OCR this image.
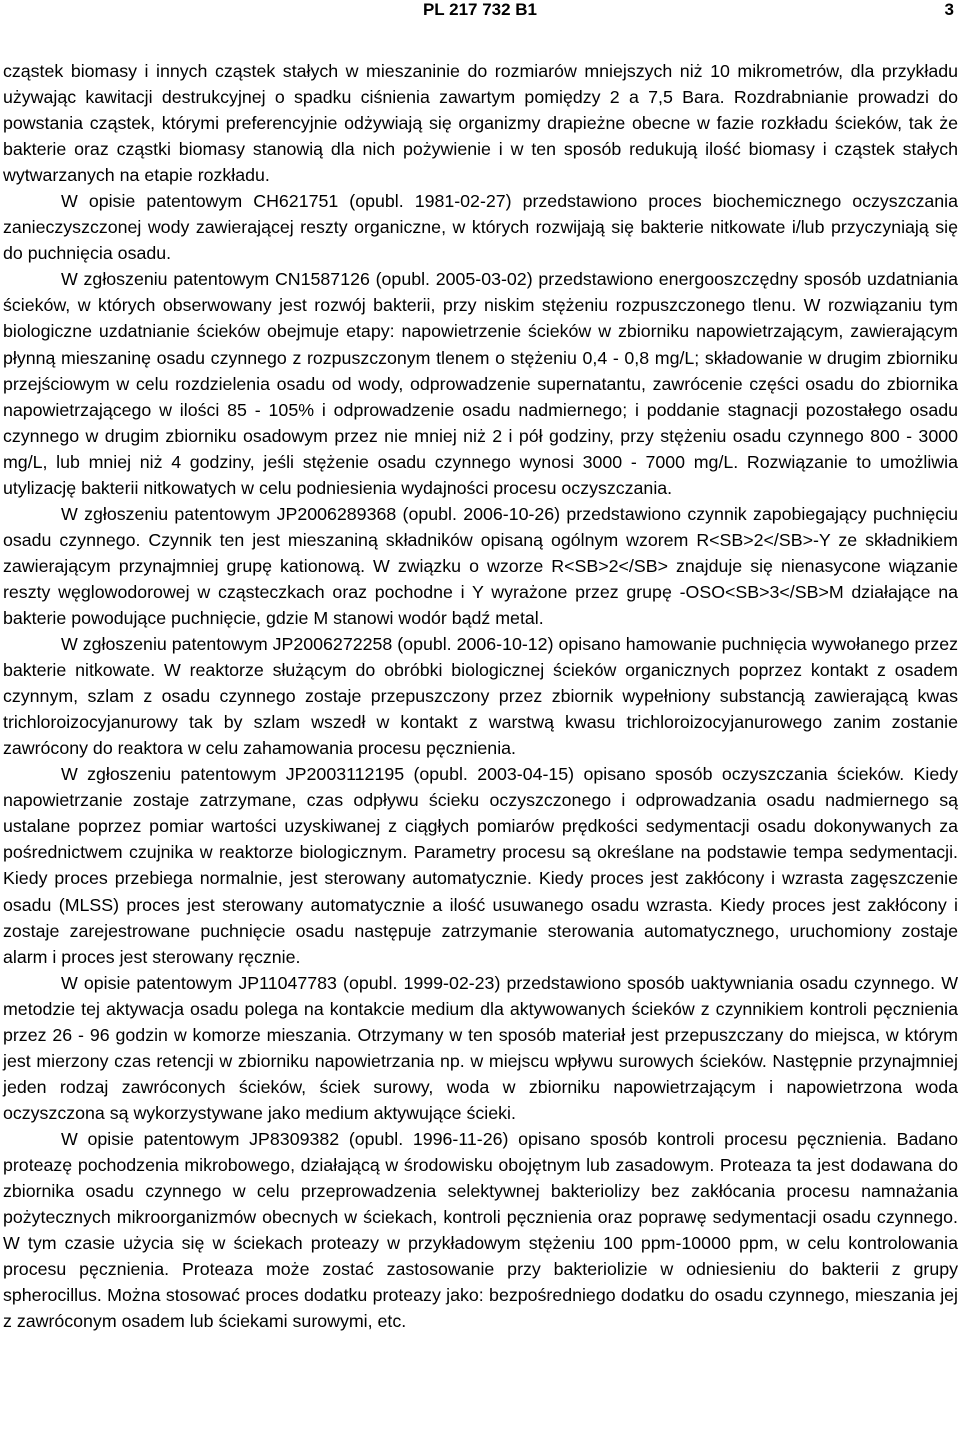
PL 217 732 B1	3

cząstek biomasy i innych cząstek stałych w mieszaninie do rozmiarów mniejszych niż 10 mikrometrów, dla przykładu używając kawitacji destrukcyjnej o spadku ciśnienia zawartym pomiędzy 2 a 7,5 Bara. Rozdrabnianie prowadzi do powstania cząstek, którymi preferencyjnie odżywiają się organizmy drapieżne obecne w fazie rozkładu ścieków, tak że bakterie oraz cząstki biomasy stanowią dla nich pożywienie i w ten sposób redukują ilość biomasy i cząstek stałych wytwarzanych na etapie rozkładu.

W opisie patentowym CH621751 (opubl. 1981-02-27) przedstawiono proces biochemicznego oczyszczania zanieczyszczonej wody zawierającej reszty organiczne, w których rozwijają się bakterie nitkowate i/lub przyczyniają się do puchnięcia osadu.

W zgłoszeniu patentowym CN1587126 (opubl. 2005-03-02) przedstawiono energooszczędny sposób uzdatniania ścieków, w których obserwowany jest rozwój bakterii, przy niskim stężeniu rozpuszczonego tlenu. W rozwiązaniu tym biologiczne uzdatnianie ścieków obejmuje etapy: napowietrzenie ścieków w zbiorniku napowietrzającym, zawierającym płynną mieszaninę osadu czynnego z rozpuszczonym tlenem o stężeniu 0,4 - 0,8 mg/L; składowanie w drugim zbiorniku przejściowym w celu rozdzielenia osadu od wody, odprowadzenie supernatantu, zawrócenie części osadu do zbiornika napowietrzającego w ilości 85 - 105% i odprowadzenie osadu nadmiernego; i poddanie stagnacji pozostałego osadu czynnego w drugim zbiorniku osadowym przez nie mniej niż 2 i pół godziny, przy stężeniu osadu czynnego 800 - 3000 mg/L, lub mniej niż 4 godziny, jeśli stężenie osadu czynnego wynosi 3000 - 7000 mg/L. Rozwiązanie to umożliwia utylizację bakterii nitkowatych w celu podniesienia wydajności procesu oczyszczania.

W zgłoszeniu patentowym JP2006289368 (opubl. 2006-10-26) przedstawiono czynnik zapobiegający puchnięciu osadu czynnego. Czynnik ten jest mieszaniną składników opisaną ogólnym wzorem R<SB>2</SB>-Y ze składnikiem zawierającym przynajmniej grupę kationową. W związku o wzorze R<SB>2</SB> znajduje się nienasycone wiązanie reszty węglowodorowej w cząsteczkach oraz pochodne i Y wyrażone przez grupę -OSO<SB>3</SB>M działające na bakterie powodujące puchnięcie, gdzie M stanowi wodór bądź metal.

W zgłoszeniu patentowym JP2006272258 (opubl. 2006-10-12) opisano hamowanie puchnięcia wywołanego przez bakterie nitkowate. W reaktorze służącym do obróbki biologicznej ścieków organicznych poprzez kontakt z osadem czynnym, szlam z osadu czynnego zostaje przepuszczony przez zbiornik wypełniony substancją zawierającą kwas trichloroizocyjanurowy tak by szlam wszedł w kontakt z warstwą kwasu trichloroizocyjanurowego zanim zostanie zawrócony do reaktora w celu zahamowania procesu pęcznienia.

W zgłoszeniu patentowym JP2003112195 (opubl. 2003-04-15) opisano sposób oczyszczania ścieków. Kiedy napowietrzanie zostaje zatrzymane, czas odpływu ścieku oczyszczonego i odprowadzania osadu nadmiernego są ustalane poprzez pomiar wartości uzyskiwanej z ciągłych pomiarów prędkości sedymentacji osadu dokonywanych za pośrednictwem czujnika w reaktorze biologicznym. Parametry procesu są określane na podstawie tempa sedymentacji. Kiedy proces przebiega normalnie, jest sterowany automatycznie. Kiedy proces jest zakłócony i wzrasta zagęszczenie osadu (MLSS) proces jest sterowany automatycznie a ilość usuwanego osadu wzrasta. Kiedy proces jest zakłócony i zostaje zarejestrowane puchnięcie osadu następuje zatrzymanie sterowania automatycznego, uruchomiony zostaje alarm i proces jest sterowany ręcznie.

W opisie patentowym JP11047783 (opubl. 1999-02-23) przedstawiono sposób uaktywniania osadu czynnego. W metodzie tej aktywacja osadu polega na kontakcie medium dla aktywowanych ścieków z czynnikiem kontroli pęcznienia przez 26 - 96 godzin w komorze mieszania. Otrzymany w ten sposób materiał jest przepuszczany do miejsca, w którym jest mierzony czas retencji w zbiorniku napowietrzania np. w miejscu wpływu surowych ścieków. Następnie przynajmniej jeden rodzaj zawróconych ścieków, ściek surowy, woda w zbiorniku napowietrzającym i napowietrzona woda oczyszczona są wykorzystywane jako medium aktywujące ścieki.

W opisie patentowym JP8309382 (opubl. 1996-11-26) opisano sposób kontroli procesu pęcznienia. Badano proteazę pochodzenia mikrobowego, działającą w środowisku obojętnym lub zasadowym. Proteaza ta jest dodawana do zbiornika osadu czynnego w celu przeprowadzenia selektywnej bakteriolizy bez zakłócania procesu namnażania pożytecznych mikroorganizmów obecnych w ściekach, kontroli pęcznienia oraz poprawę sedymentacji osadu czynnego. W tym czasie użycia się w ściekach proteazy w przykładowym stężeniu 100 ppm-10000 ppm, w celu kontrolowania procesu pęcznienia. Proteaza może zostać zastosowanie przy bakteriolizie w odniesieniu do bakterii z grupy spherocillus. Można stosować proces dodatku proteazy jako: bezpośredniego dodatku do osadu czynnego, mieszania jej z zawróconym osadem lub ściekami surowymi, etc.
